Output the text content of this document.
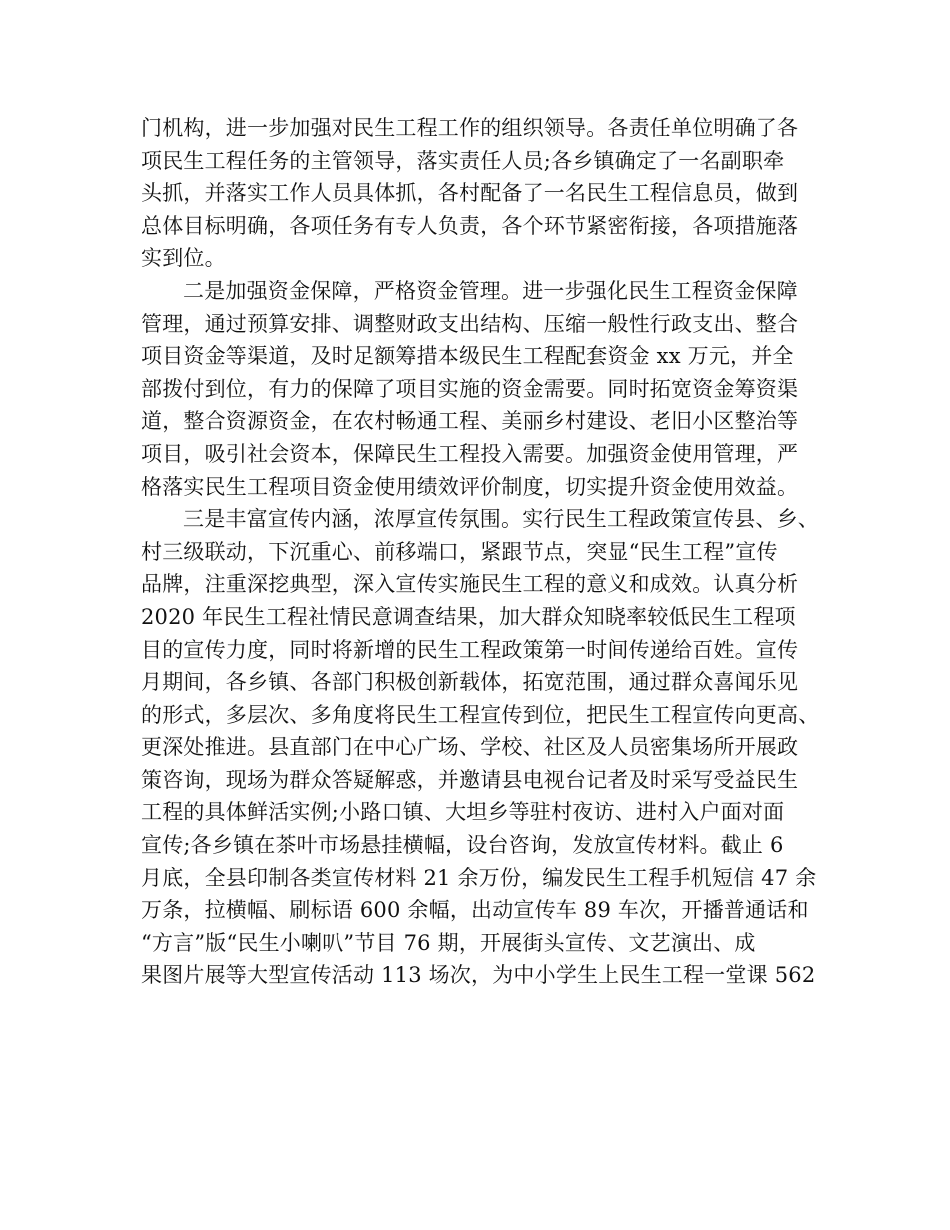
门机构，进一步加强对民生工程工作的组织领导。各责任单位明确了各
项民生工程任务的主管领导，落实责任人员;各乡镇确定了一名副职牵
头抓，并落实工作人员具体抓，各村配备了一名民生工程信息员，做到
总体目标明确，各项任务有专人负责，各个环节紧密衔接，各项措施落
实到位。
二是加强资金保障，严格资金管理。进一步强化民生工程资金保障
管理，通过预算安排、调整财政支出结构、压缩一般性行政支出、整合
项目资金等渠道，及时足额筹措本级民生工程配套资金 xx 万元，并全
部拨付到位，有力的保障了项目实施的资金需要。同时拓宽资金筹资渠
道，整合资源资金，在农村畅通工程、美丽乡村建设、老旧小区整治等
项目，吸引社会资本，保障民生工程投入需要。加强资金使用管理，严
格落实民生工程项目资金使用绩效评价制度，切实提升资金使用效益。
三是丰富宣传内涵，浓厚宣传氛围。实行民生工程政策宣传县、乡、
村三级联动，下沉重心、前移端口，紧跟节点，突显“民生工程”宣传
品牌，注重深挖典型，深入宣传实施民生工程的意义和成效。认真分析
2020 年民生工程社情民意调查结果，加大群众知晓率较低民生工程项
目的宣传力度，同时将新增的民生工程政策第一时间传递给百姓。宣传
月期间，各乡镇、各部门积极创新载体，拓宽范围，通过群众喜闻乐见
的形式，多层次、多角度将民生工程宣传到位，把民生工程宣传向更高、
更深处推进。县直部门在中心广场、学校、社区及人员密集场所开展政
策咨询，现场为群众答疑解惑，并邀请县电视台记者及时采写受益民生
工程的具体鲜活实例;小路口镇、大坦乡等驻村夜访、进村入户面对面
宣传;各乡镇在茶叶市场悬挂横幅，设台咨询，发放宣传材料。截止 6
月底，全县印制各类宣传材料 21 余万份，编发民生工程手机短信 47 余
万条，拉横幅、刷标语 600 余幅，出动宣传车 89 车次，开播普通话和
“方言”版“民生小喇叭”节目 76 期，开展街头宣传、文艺演出、成
果图片展等大型宣传活动 113 场次，为中小学生上民生工程一堂课 562
